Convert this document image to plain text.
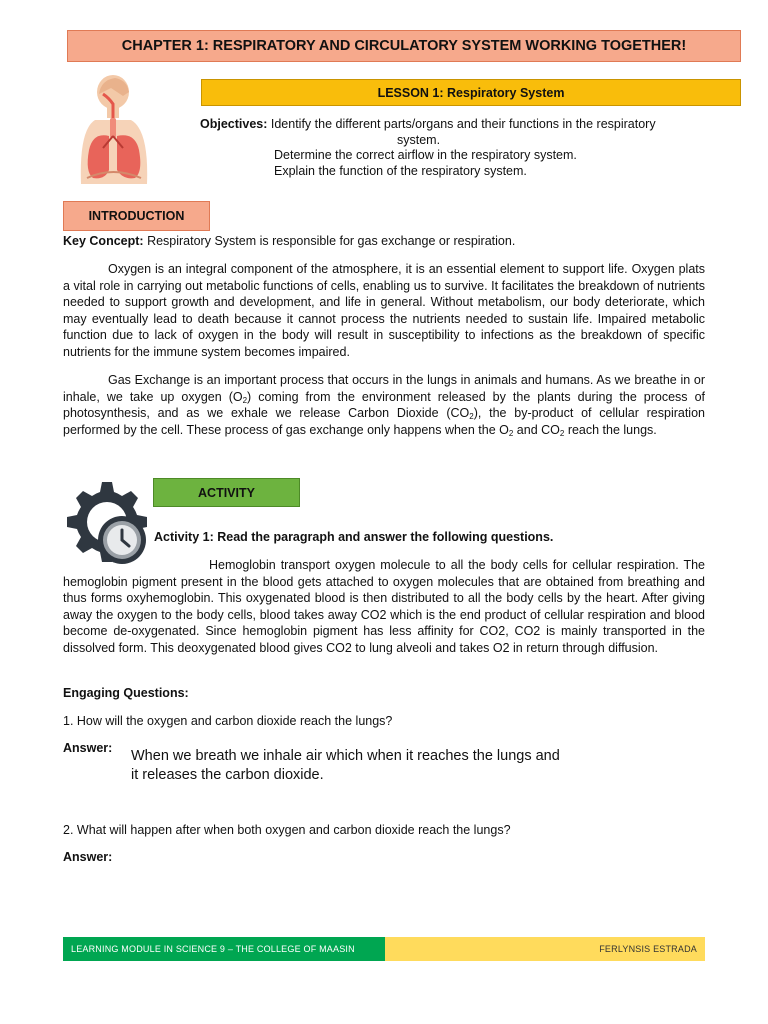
CHAPTER 1: RESPIRATORY AND CIRCULATORY SYSTEM WORKING TOGETHER!
LESSON 1: Respiratory System
Objectives: Identify the different parts/organs and their functions in the respiratory
system.
Determine the correct airflow in the respiratory system.
Explain the function of the respiratory system.
INTRODUCTION
Key Concept: Respiratory System is responsible for gas exchange or respiration.
Oxygen is an integral component of the atmosphere, it is an essential element to support life. Oxygen plats a vital role in carrying out metabolic functions of cells, enabling us to survive. It facilitates the breakdown of nutrients needed to support growth and development, and life in general. Without metabolism, our body deteriorate, which may eventually lead to death because it cannot process the nutrients needed to sustain life. Impaired metabolic function due to lack of oxygen in the body will result in susceptibility to infections as the breakdown of specific nutrients for the immune system becomes impaired.
Gas Exchange is an important process that occurs in the lungs in animals and humans. As we breathe in or inhale, we take up oxygen $(O_2)$ coming from the environment released by the plants during the process of photosynthesis, and as we exhale we release Carbon Dioxide $(CO_2)$, the by-product of cellular respiration performed by the cell. These process of gas exchange only happens when the $O_2$ and $CO_2$ reach the lungs.
ACTIVITY
Activity 1: Read the paragraph and answer the following questions.
Hemoglobin transport oxygen molecule to all the body cells for cellular respiration. The hemoglobin pigment present in the blood gets attached to oxygen molecules that are obtained from breathing and thus forms oxyhemoglobin. This oxygenated blood is then distributed to all the body cells by the heart. After giving away the oxygen to the body cells, blood takes away CO2 which is the end product of cellular respiration and blood become de-oxygenated. Since hemoglobin pigment has less affinity for CO2, CO2 is mainly transported in the dissolved form. This deoxygenated blood gives CO2 to lung alveoli and takes O2 in return through diffusion.
Engaging Questions:
1. How will the oxygen and carbon dioxide reach the lungs?
Answer: When we breath we inhale air which when it reaches the lungs and it releases the carbon dioxide.
2. What will happen after when both oxygen and carbon dioxide reach the lungs?
Answer:
LEARNING MODULE IN SCIENCE 9 – THE COLLEGE OF MAASIN	FERLYNSIS ESTRADA
